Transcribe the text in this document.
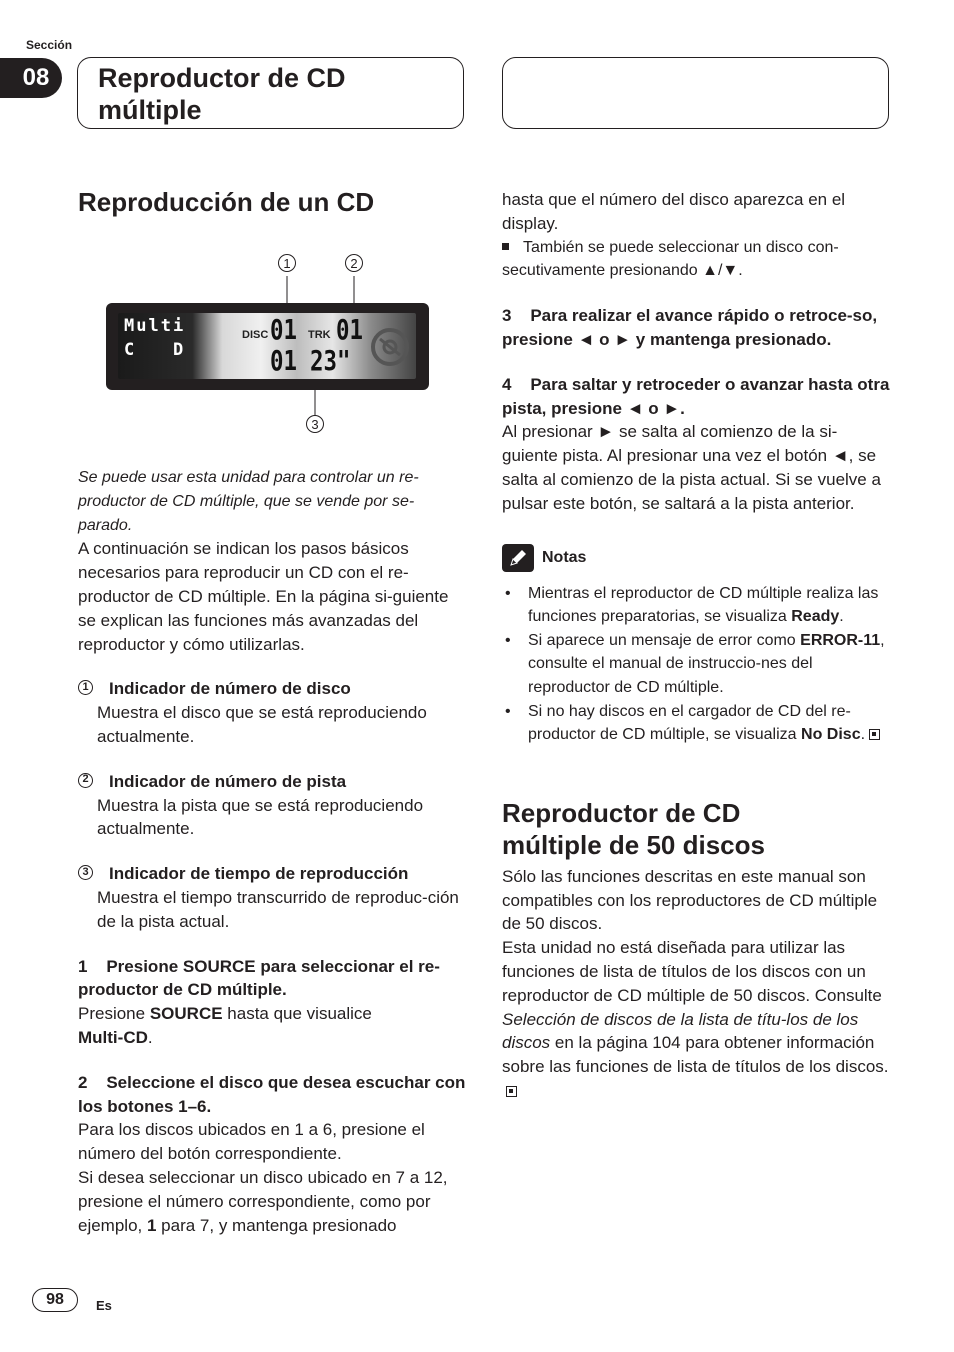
Sección
08	Reproductor de CD múltiple
Reproducción de un CD
1	2
3
Multi
C   D
DISC 01 TRK 01
01 23"

Se puede usar esta unidad para controlar un re-productor de CD múltiple, que se vende por se-parado.

A continuación se indican los pasos básicos necesarios para reproducir un CD con el re-productor de CD múltiple. En la página si-guiente se explican las funciones más avanzadas del reproductor y cómo utilizarlas.

1 Indicador de número de disco
Muestra el disco que se está reproduciendo actualmente.
2 Indicador de número de pista
Muestra la pista que se está reproduciendo actualmente.
3 Indicador de tiempo de reproducción
Muestra el tiempo transcurrido de reproduc-ción de la pista actual.
1    Presione SOURCE para seleccionar el re-productor de CD múltiple.
Presione SOURCE hasta que visualice
Multi-CD.
2    Seleccione el disco que desea escuchar con los botones 1–6.
Para los discos ubicados en 1 a 6, presione el número del botón correspondiente.
Si desea seleccionar un disco ubicado en 7 a 12, presione el número correspondiente, como por ejemplo, 1 para 7, y mantenga presionado

hasta que el número del disco aparezca en el display.

También se puede seleccionar un disco con-secutivamente presionando ▲/▼.

3    Para realizar el avance rápido o retroce-so, presione ◄ o ► y mantenga presionado.
4    Para saltar y retroceder o avanzar hasta otra pista, presione ◄ o ►.
Al presionar ► se salta al comienzo de la si-guiente pista. Al presionar una vez el botón ◄, se salta al comienzo de la pista actual. Si se vuelve a pulsar este botón, se saltará a la pista anterior.
Notas
• Mientras el reproductor de CD múltiple realiza las funciones preparatorias, se visualiza Ready.
• Si aparece un mensaje de error como ERROR-11, consulte el manual de instruccio-nes del reproductor de CD múltiple.
• Si no hay discos en el cargador de CD del re-productor de CD múltiple, se visualiza No Disc.
Reproductor de CD múltiple de 50 discos

Sólo las funciones descritas en este manual son compatibles con los reproductores de CD múltiple de 50 discos.

Esta unidad no está diseñada para utilizar las funciones de lista de títulos de los discos con un reproductor de CD múltiple de 50 discos. Consulte Selección de discos de la lista de títu-los de los discos en la página 104 para obtener información sobre las funciones de lista de títulos de los discos.

98	Es
